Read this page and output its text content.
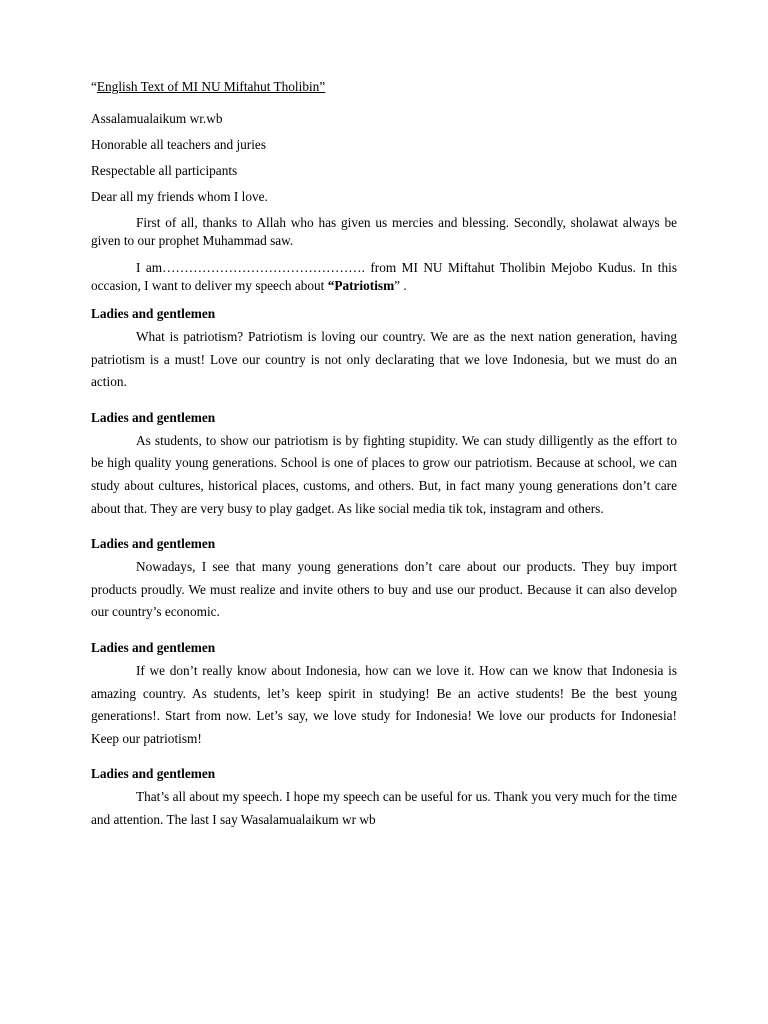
“English Text of MI NU Miftahut Tholibin”

Assalamualaikum wr.wb

Honorable all teachers and juries

Respectable all participants

Dear all my friends whom I love.

First of all, thanks to Allah who has given us mercies and blessing. Secondly, sholawat always be given to our prophet Muhammad saw.

I am………………………………………. from MI NU Miftahut Tholibin Mejobo Kudus. In this occasion, I want to deliver my speech about “Patriotism” .

Ladies and gentlemen

What is patriotism? Patriotism is loving our country. We are as the next nation generation, having patriotism is a must! Love our country is not only declarating that we love Indonesia, but we must do an action.

Ladies and gentlemen

As students, to show our patriotism is by fighting stupidity. We can study dilligently as the effort to be high quality young generations. School is one of places to grow our patriotism. Because at school, we can study about cultures, historical places, customs, and others. But, in fact many young generations don’t care about that. They are very busy to play gadget. As like social media tik tok, instagram and others.

Ladies and gentlemen

Nowadays, I see that many young generations don’t care about our products. They buy import products proudly. We must realize and invite others to buy and use our product. Because it can also develop our country’s economic.

Ladies and gentlemen

If we don’t really know about Indonesia, how can we love it. How can we know that Indonesia is amazing country. As students, let’s keep spirit in studying! Be an active students! Be the best young generations!. Start from now. Let’s say, we love study for Indonesia! We love our products for Indonesia! Keep our patriotism!

Ladies and gentlemen

That’s all about my speech. I hope my speech can be useful for us. Thank you very much for the time and attention. The last I say Wasalamualaikum wr wb
